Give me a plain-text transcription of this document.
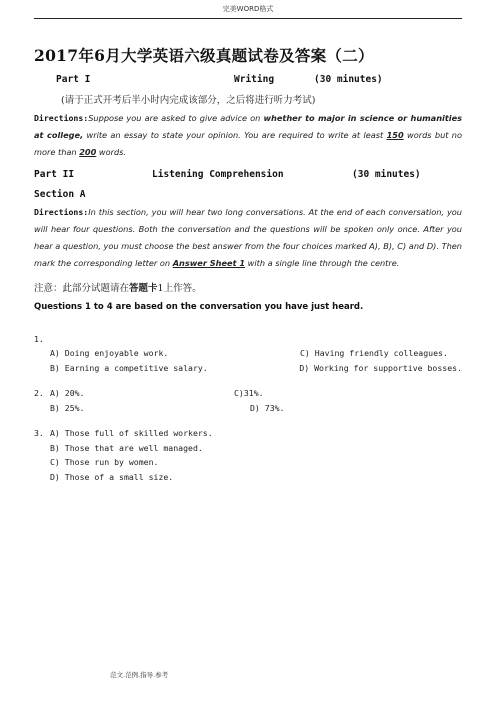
完美WORD格式
2017年6月大学英语六级真题试卷及答案（二）
Part I	Writing	(30 minutes)
(请于正式开考后半小时内完成该部分，之后将进行听力考试)
Directions:Suppose you are asked to give advice on whether to major in science or humanities at college, write an essay to state your opinion. You are required to write at least 150 words but no more than 200 words.
Part II	Listening Comprehension	(30 minutes)
Section A
Directions:In this section, you will hear two long conversations. At the end of each conversation, you will hear four questions. Both the conversation and the questions will be spoken only once. After you hear a question, you must choose the best answer from the four choices marked A), B), C) and D). Then mark the corresponding letter on Answer Sheet 1 with a single line through the centre.
注意：此部分试题请在答题卡1上作答。
Questions 1 to 4 are based on the conversation you have just heard.
1.
A) Doing enjoyable work.	C) Having friendly colleagues.
B) Earning a competitive salary.	D) Working for supportive bosses.
2. A) 20%.	C)31%.
B) 25%.	D) 73%.
3. A) Those full of skilled workers.
B) Those that are well managed.
C) Those run by women.
D) Those of a small size.
范文.范例.指导.参考
